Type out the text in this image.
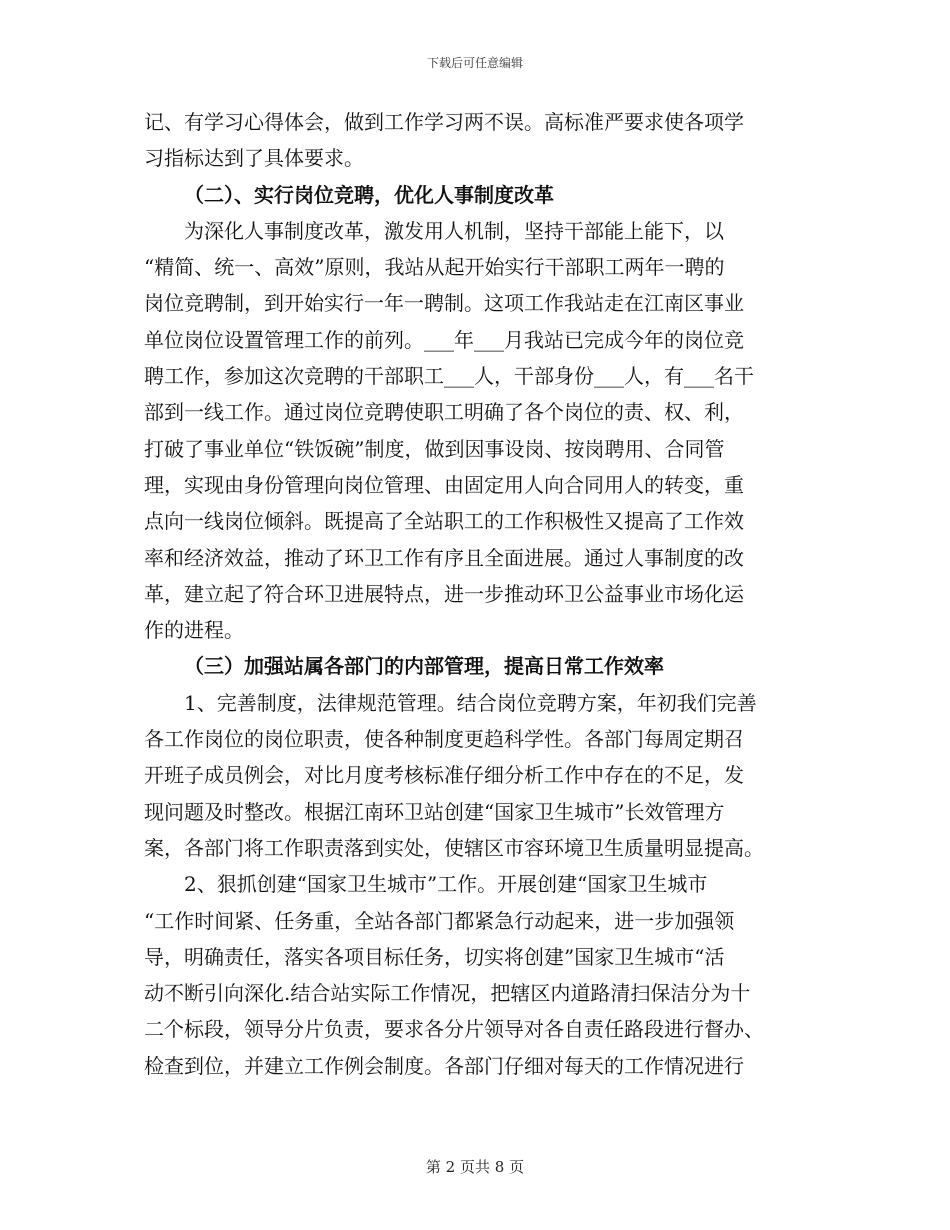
下载后可任意编辑
记、有学习心得体会，做到工作学习两不误。高标准严要求使各项学
习指标达到了具体要求。
（二）、实行岗位竞聘，优化人事制度改革
为深化人事制度改革，激发用人机制，坚持干部能上能下，以
“精简、统一、高效”原则，我站从起开始实行干部职工两年一聘的
岗位竞聘制，到开始实行一年一聘制。这项工作我站走在江南区事业
单位岗位设置管理工作的前列。___年___月我站已完成今年的岗位竞
聘工作，参加这次竞聘的干部职工___人，干部身份___人，有___名干
部到一线工作。通过岗位竞聘使职工明确了各个岗位的责、权、利，
打破了事业单位“铁饭碗”制度，做到因事设岗、按岗聘用、合同管
理，实现由身份管理向岗位管理、由固定用人向合同用人的转变，重
点向一线岗位倾斜。既提高了全站职工的工作积极性又提高了工作效
率和经济效益，推动了环卫工作有序且全面进展。通过人事制度的改
革，建立起了符合环卫进展特点，进一步推动环卫公益事业市场化运
作的进程。
（三）加强站属各部门的内部管理，提高日常工作效率
1、完善制度，法律规范管理。结合岗位竞聘方案，年初我们完善
各工作岗位的岗位职责，使各种制度更趋科学性。各部门每周定期召
开班子成员例会，对比月度考核标准仔细分析工作中存在的不足，发
现问题及时整改。根据江南环卫站创建“国家卫生城市”长效管理方
案，各部门将工作职责落到实处，使辖区市容环境卫生质量明显提高。
2、狠抓创建“国家卫生城市”工作。开展创建“国家卫生城市
“工作时间紧、任务重，全站各部门都紧急行动起来，进一步加强领
导，明确责任，落实各项目标任务，切实将创建”国家卫生城市“活
动不断引向深化.结合站实际工作情况，把辖区内道路清扫保洁分为十
二个标段，领导分片负责，要求各分片领导对各自责任路段进行督办、
检查到位，并建立工作例会制度。各部门仔细对每天的工作情况进行
第 2 页共 8 页
